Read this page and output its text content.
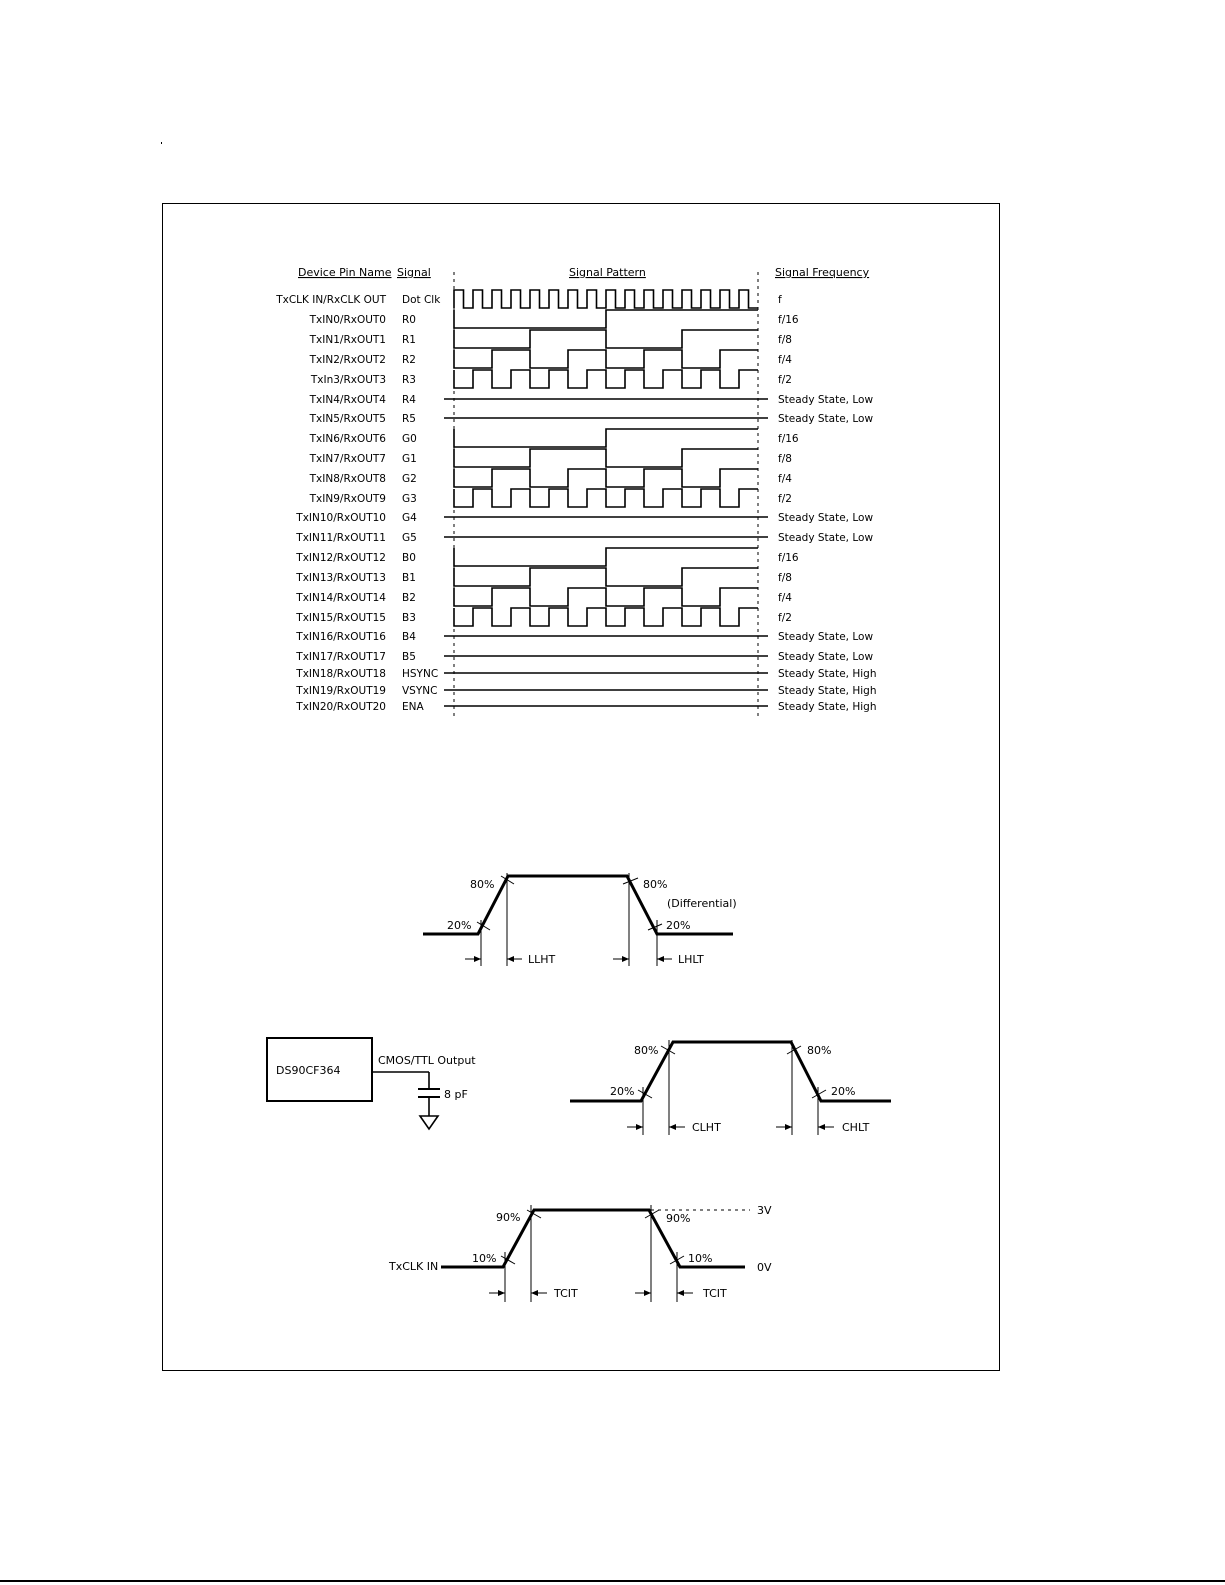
Device Pin Name Signal	Signal Pattern	Signal Frequency
TxCLK IN/RxCLK OUT Dot Clk	f
TxIN0/RxOUT0 R0	f/16
TxIN1/RxOUT1 R1	f/8
TxIN2/RxOUT2 R2	f/4
TxIn3/RxOUT3 R3	f/2
TxIN4/RxOUT4 R4	Steady State, Low
TxIN5/RxOUT5 R5	Steady State, Low
TxIN6/RxOUT6 G0	f/16
TxIN7/RxOUT7 G1	f/8
TxIN8/RxOUT8 G2	f/4
TxIN9/RxOUT9 G3	f/2
TxIN10/RxOUT10 G4	Steady State, Low
TxIN11/RxOUT11 G5	Steady State, Low
TxIN12/RxOUT12 B0	f/16
TxIN13/RxOUT13 B1	f/8
TxIN14/RxOUT14 B2	f/4
TxIN15/RxOUT15 B3	f/2
TxIN16/RxOUT16 B4	Steady State, Low
TxIN17/RxOUT17 B5	Steady State, Low
TxIN18/RxOUT18 HSYNC	Steady State, High
TxIN19/RxOUT19 VSYNC	Steady State, High
TxIN20/RxOUT20 ENA	Steady State, High
80%
20%
80%
20%
(Differential)
LLHT	LHLT
DS90CF364
CMOS/TTL Output
8 pF
80%
20%
80%
20%
CLHT	CHLT
TxCLK IN
90%
10%
90%
10%
3V
0V
TCIT	TCIT
